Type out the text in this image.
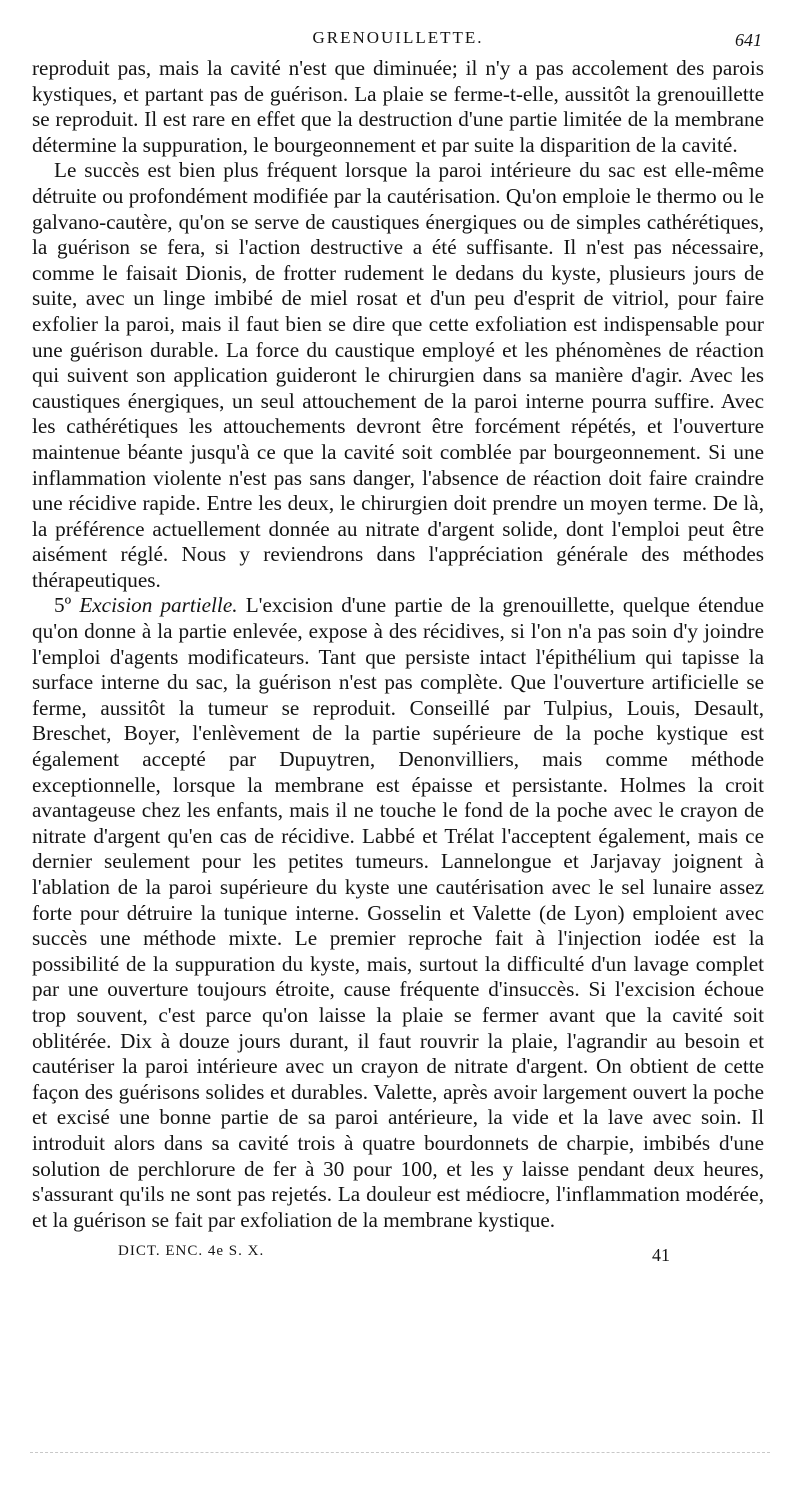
GRENOUILLETTE.	641

reproduit pas, mais la cavité n'est que diminuée; il n'y a pas accolement des parois kystiques, et partant pas de guérison. La plaie se ferme-t-elle, aussitôt la grenouillette se reproduit. Il est rare en effet que la destruction d'une partie limitée de la membrane détermine la suppuration, le bourgeonnement et par suite la disparition de la cavité.

Le succès est bien plus fréquent lorsque la paroi intérieure du sac est elle-même détruite ou profondément modifiée par la cautérisation. Qu'on emploie le thermo ou le galvano-cautère, qu'on se serve de caustiques énergiques ou de simples cathérétiques, la guérison se fera, si l'action destructive a été suffisante. Il n'est pas nécessaire, comme le faisait Dionis, de frotter rudement le dedans du kyste, plusieurs jours de suite, avec un linge imbibé de miel rosat et d'un peu d'esprit de vitriol, pour faire exfolier la paroi, mais il faut bien se dire que cette exfoliation est indispensable pour une guérison durable. La force du caustique employé et les phénomènes de réaction qui suivent son application guideront le chirurgien dans sa manière d'agir. Avec les caustiques énergiques, un seul attouchement de la paroi interne pourra suffire. Avec les cathérétiques les attouchements devront être forcément répétés, et l'ouverture maintenue béante jusqu'à ce que la cavité soit comblée par bourgeonnement. Si une inflammation violente n'est pas sans danger, l'absence de réaction doit faire craindre une récidive rapide. Entre les deux, le chirurgien doit prendre un moyen terme. De là, la préférence actuellement donnée au nitrate d'argent solide, dont l'emploi peut être aisément réglé. Nous y reviendrons dans l'appréciation générale des méthodes thérapeutiques.

5º Excision partielle. L'excision d'une partie de la grenouillette, quelque étendue qu'on donne à la partie enlevée, expose à des récidives, si l'on n'a pas soin d'y joindre l'emploi d'agents modificateurs. Tant que persiste intact l'épithélium qui tapisse la surface interne du sac, la guérison n'est pas complète. Que l'ouverture artificielle se ferme, aussitôt la tumeur se reproduit. Conseillé par Tulpius, Louis, Desault, Breschet, Boyer, l'enlèvement de la partie supérieure de la poche kystique est également accepté par Dupuytren, Denonvilliers, mais comme méthode exceptionnelle, lorsque la membrane est épaisse et persistante. Holmes la croit avantageuse chez les enfants, mais il ne touche le fond de la poche avec le crayon de nitrate d'argent qu'en cas de récidive. Labbé et Trélat l'acceptent également, mais ce dernier seulement pour les petites tumeurs. Lannelongue et Jarjavay joignent à l'ablation de la paroi supérieure du kyste une cautérisation avec le sel lunaire assez forte pour détruire la tunique interne. Gosselin et Valette (de Lyon) emploient avec succès une méthode mixte. Le premier reproche fait à l'injection iodée est la possibilité de la suppuration du kyste, mais, surtout la difficulté d'un lavage complet par une ouverture toujours étroite, cause fréquente d'insuccès. Si l'excision échoue trop souvent, c'est parce qu'on laisse la plaie se fermer avant que la cavité soit oblitérée. Dix à douze jours durant, il faut rouvrir la plaie, l'agrandir au besoin et cautériser la paroi intérieure avec un crayon de nitrate d'argent. On obtient de cette façon des guérisons solides et durables. Valette, après avoir largement ouvert la poche et excisé une bonne partie de sa paroi antérieure, la vide et la lave avec soin. Il introduit alors dans sa cavité trois à quatre bourdonnets de charpie, imbibés d'une solution de perchlorure de fer à 30 pour 100, et les y laisse pendant deux heures, s'assurant qu'ils ne sont pas rejetés. La douleur est médiocre, l'inflammation modérée, et la guérison se fait par exfoliation de la membrane kystique.

DICT. ENC. 4e S. X.	41
